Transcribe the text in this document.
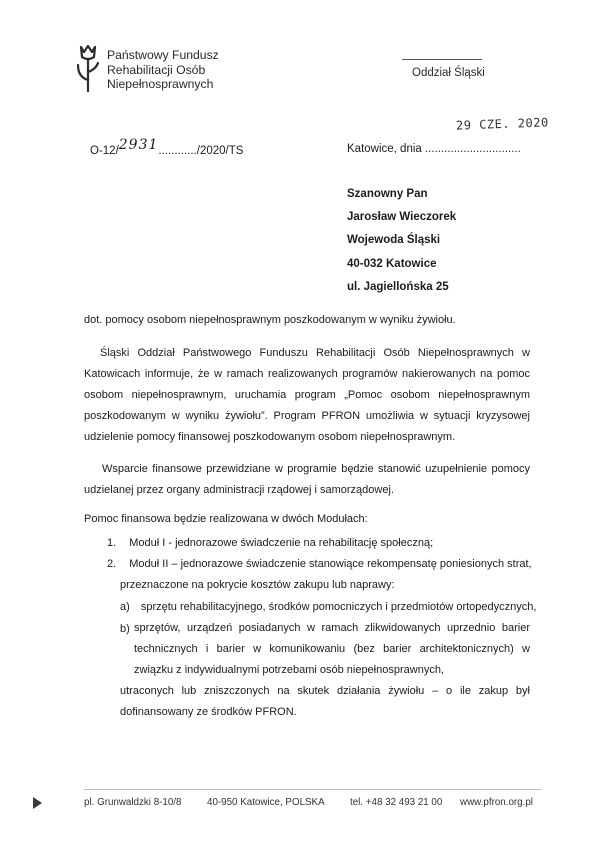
Państwowy Fundusz
Rehabilitacji Osób
Niepełnosprawnych
Oddział Śląski
29 CZE. 2020
O-12/2931............/2020/TS	Katowice, dnia ..............................
Szanowny Pan
Jarosław Wieczorek
Wojewoda Śląski
40-032 Katowice
ul. Jagiellońska 25
dot. pomocy osobom niepełnosprawnym poszkodowanym w wyniku żywiołu.
Śląski Oddział Państwowego Funduszu Rehabilitacji Osób Niepełnosprawnych w Katowicach informuje, że w ramach realizowanych programów nakierowanych na pomoc osobom niepełnosprawnym, uruchamia program „Pomoc osobom niepełnosprawnym poszkodowanym w wyniku żywiołu”. Program PFRON umożliwia w sytuacji kryzysowej udzielenie pomocy finansowej poszkodowanym osobom niepełnosprawnym.
Wsparcie finansowe przewidziane w programie będzie stanowić uzupełnienie pomocy udzielanej przez organy administracji rządowej i samorządowej.
Pomoc finansowa będzie realizowana w dwóch Modułach:
1. Moduł I - jednorazowe świadczenie na rehabilitację społeczną;
2. Moduł II – jednorazowe świadczenie stanowiące rekompensatę poniesionych strat,
przeznaczone na pokrycie kosztów zakupu lub naprawy:
a) sprzętu rehabilitacyjnego, środków pomocniczych i przedmiotów ortopedycznych,
b) sprzętów, urządzeń posiadanych w ramach zlikwidowanych uprzednio barier technicznych i barier w komunikowaniu (bez barier architektonicznych) w związku z indywidualnymi potrzebami osób niepełnosprawnych,
utraconych lub zniszczonych na skutek działania żywiołu – o ile zakup był dofinansowany ze środków PFRON.
pl. Grunwaldzki 8-10/8	40-950 Katowice, POLSKA	tel. +48 32 493 21 00 www.pfron.org.pl
